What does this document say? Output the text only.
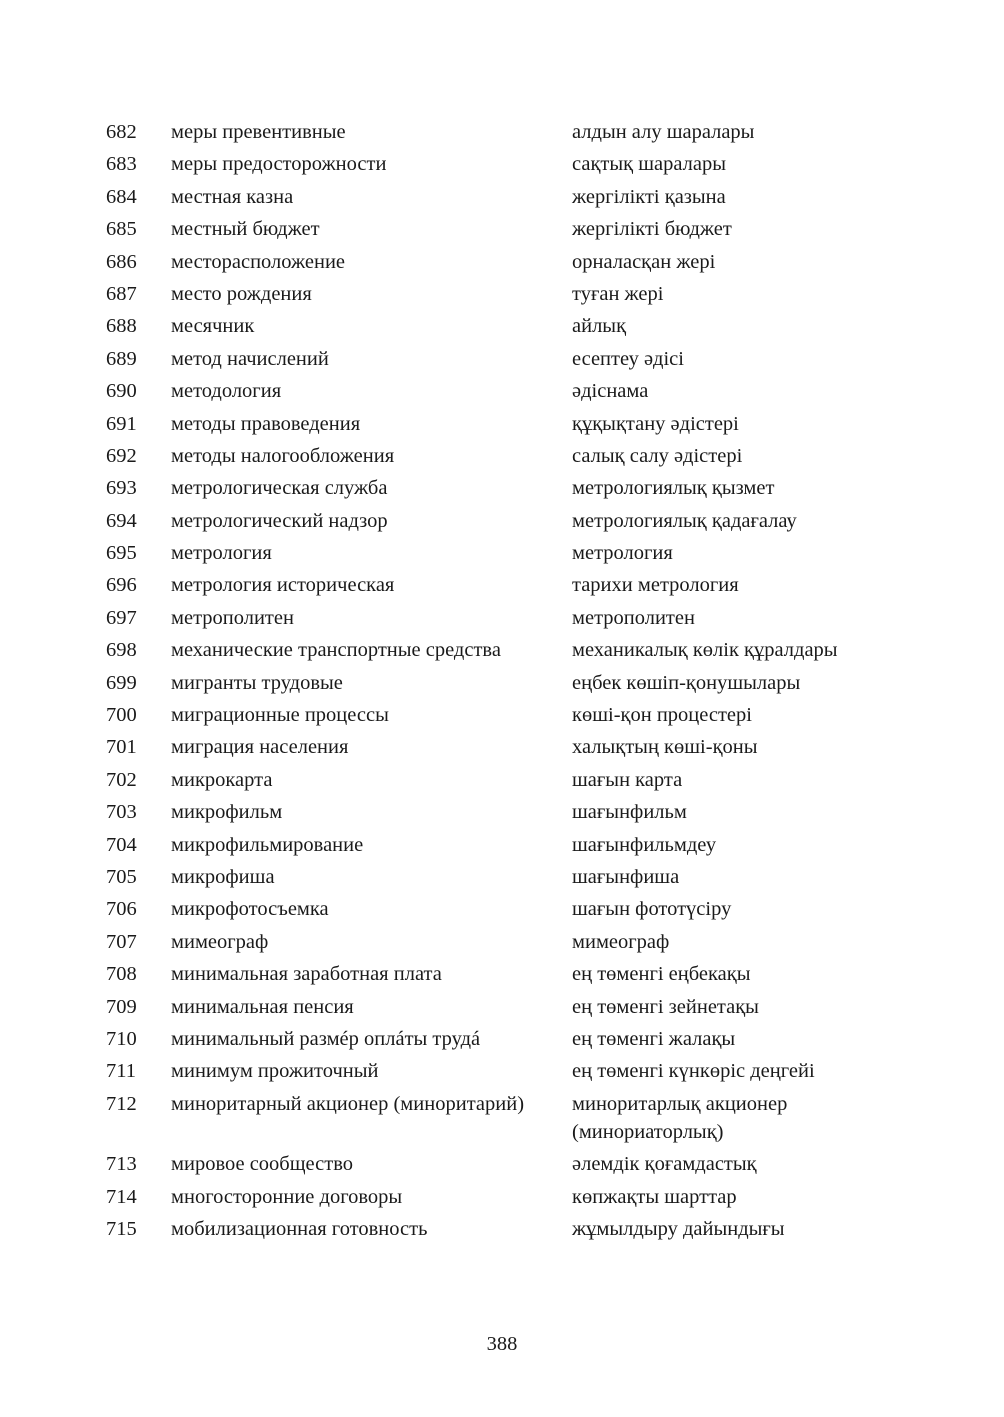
682	меры превентивные	алдын алу шаралары
683	меры предосторожности	сақтық шаралары
684	местная казна	жергілікті қазына
685	местный бюджет	жергілікті бюджет
686	месторасположение	орналасқан жері
687	место рождения	туған жері
688	месячник	айлық
689	метод начислений	есептеу әдісі
690	методология	әдіснама
691	методы правоведения	құқықтану әдістері
692	методы налогообложения	салық салу әдістері
693	метрологическая служба	метрологиялық қызмет
694	метрологический надзор	метрологиялық қадағалау
695	метрология	метрология
696	метрология историческая	тарихи метрология
697	метрополитен	метрополитен
698	механические транспортные средства	механикалық көлік құралдары
699	мигранты трудовые	еңбек көшіп-қонушылары
700	миграционные процессы	көші-қон процестері
701	миграция населения	халықтың көші-қоны
702	микрокарта	шағын карта
703	микрофильм	шағынфильм
704	микрофильмирование	шағынфильмдеу
705	микрофиша	шағынфиша
706	микрофотосъемка	шағын фототүсіру
707	мимеограф	мимеограф
708	минимальная заработная плата	ең төменгі еңбекақы
709	минимальная пенсия	ең төменгі зейнетақы
710	минимальный размéр оплáты трудá	ең төменгі жалақы
711	минимум прожиточный	ең төменгі күнкөріс деңгейі
712	миноритарный акционер (миноритарий)	миноритарлық акционер (минориаторлық)
713	мировое сообщество	әлемдік қоғамдастық
714	многосторонние договоры	көпжақты шарттар
715	мобилизационная готовность	жұмылдыру дайындығы
388
